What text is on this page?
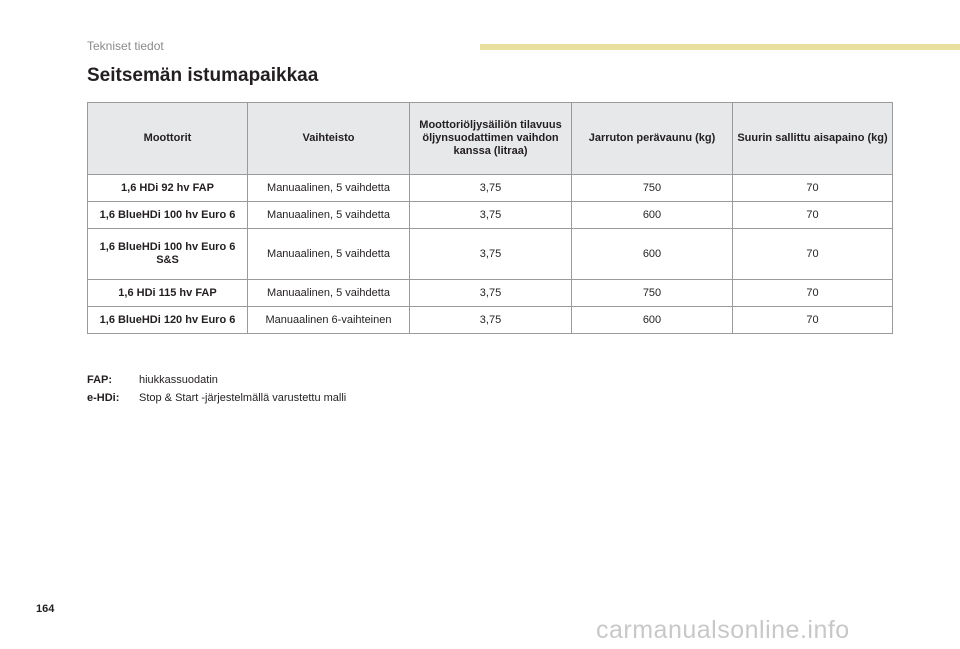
Tekniset tiedot
Seitsemän istumapaikkaa
Moottorit	Vaihteisto	Moottoriöljysäiliön tilavuus öljynsuodattimen vaihdon kanssa (litraa)	Jarruton perävaunu (kg)	Suurin sallittu aisapaino (kg)
1,6 HDi 92 hv FAP	Manuaalinen, 5 vaihdetta	3,75	750	70
1,6 BlueHDi 100 hv Euro 6	Manuaalinen, 5 vaihdetta	3,75	600	70
1,6 BlueHDi 100 hv Euro 6 S&S	Manuaalinen, 5 vaihdetta	3,75	600	70
1,6 HDi 115 hv FAP	Manuaalinen, 5 vaihdetta	3,75	750	70
1,6 BlueHDi 120 hv Euro 6	Manuaalinen 6-vaihteinen	3,75	600	70
FAP:	hiukkassuodatin
e-HDi:	Stop & Start -järjestelmällä varustettu malli
164
carmanualsonline.info
